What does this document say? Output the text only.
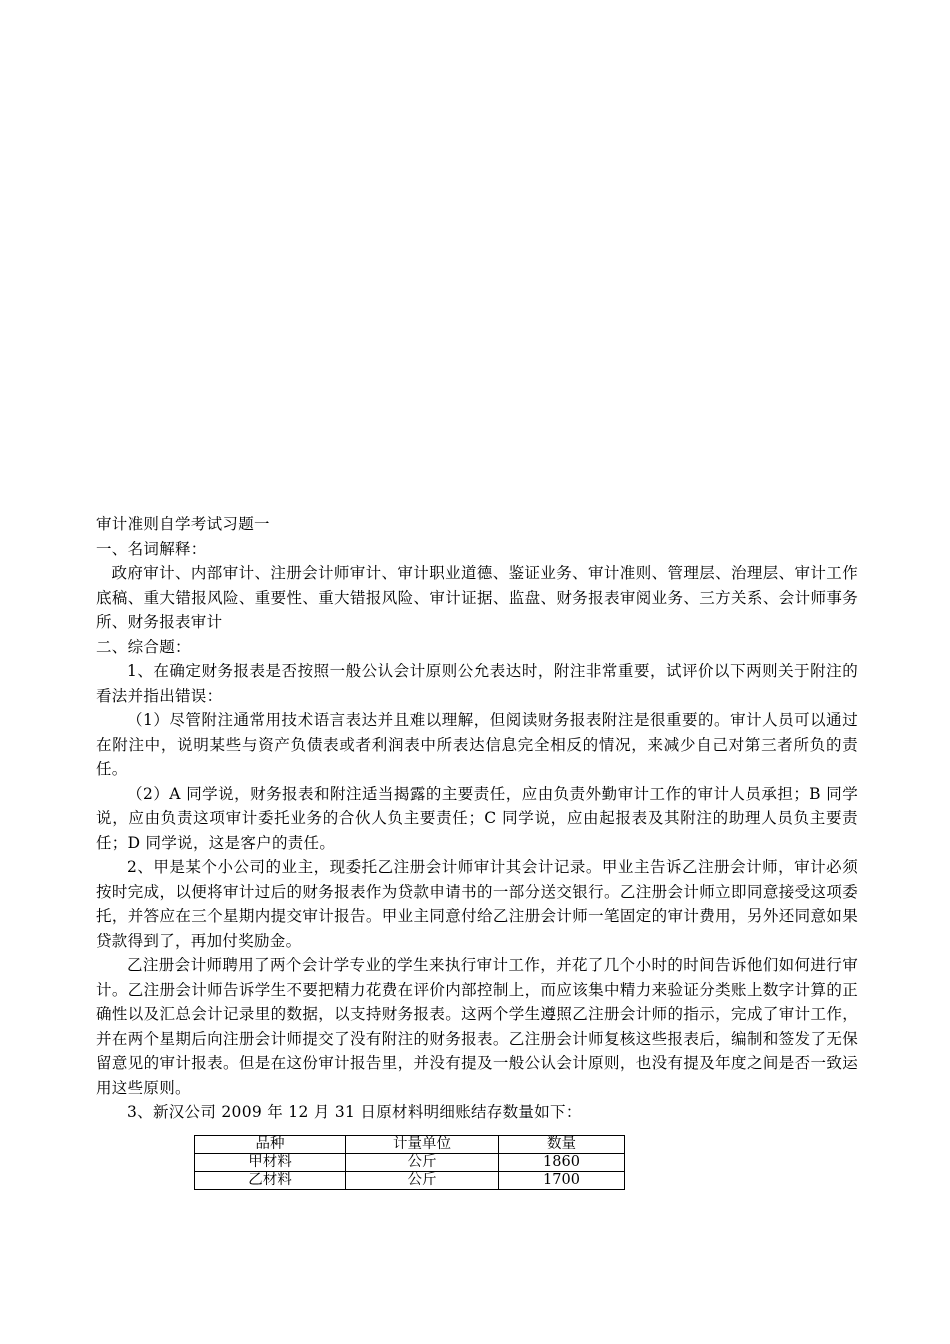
审计准则自学考试习题一

一、名词解释：

政府审计、内部审计、注册会计师审计、审计职业道德、鉴证业务、审计准则、管理层、治理层、审计工作底稿、重大错报风险、重要性、重大错报风险、审计证据、监盘、财务报表审阅业务、三方关系、会计师事务所、财务报表审计

二、综合题：

1、在确定财务报表是否按照一般公认会计原则公允表达时，附注非常重要，试评价以下两则关于附注的看法并指出错误：

（1）尽管附注通常用技术语言表达并且难以理解，但阅读财务报表附注是很重要的。审计人员可以通过在附注中，说明某些与资产负债表或者利润表中所表达信息完全相反的情况，来减少自己对第三者所负的责任。

（2）A 同学说，财务报表和附注适当揭露的主要责任，应由负责外勤审计工作的审计人员承担；B 同学说，应由负责这项审计委托业务的合伙人负主要责任；C 同学说，应由起报表及其附注的助理人员负主要责任；D 同学说，这是客户的责任。

2、甲是某个小公司的业主，现委托乙注册会计师审计其会计记录。甲业主告诉乙注册会计师，审计必须按时完成，以便将审计过后的财务报表作为贷款申请书的一部分送交银行。乙注册会计师立即同意接受这项委托，并答应在三个星期内提交审计报告。甲业主同意付给乙注册会计师一笔固定的审计费用，另外还同意如果贷款得到了，再加付奖励金。

乙注册会计师聘用了两个会计学专业的学生来执行审计工作，并花了几个小时的时间告诉他们如何进行审计。乙注册会计师告诉学生不要把精力花费在评价内部控制上，而应该集中精力来验证分类账上数字计算的正确性以及汇总会计记录里的数据，以支持财务报表。这两个学生遵照乙注册会计师的指示，完成了审计工作，并在两个星期后向注册会计师提交了没有附注的财务报表。乙注册会计师复核这些报表后，编制和签发了无保留意见的审计报表。但是在这份审计报告里，并没有提及一般公认会计原则，也没有提及年度之间是否一致运用这些原则。

3、新汉公司 2009 年 12 月 31 日原材料明细账结存数量如下：

品种	计量单位	数量
甲材料	公斤	1860
乙材料	公斤	1700
